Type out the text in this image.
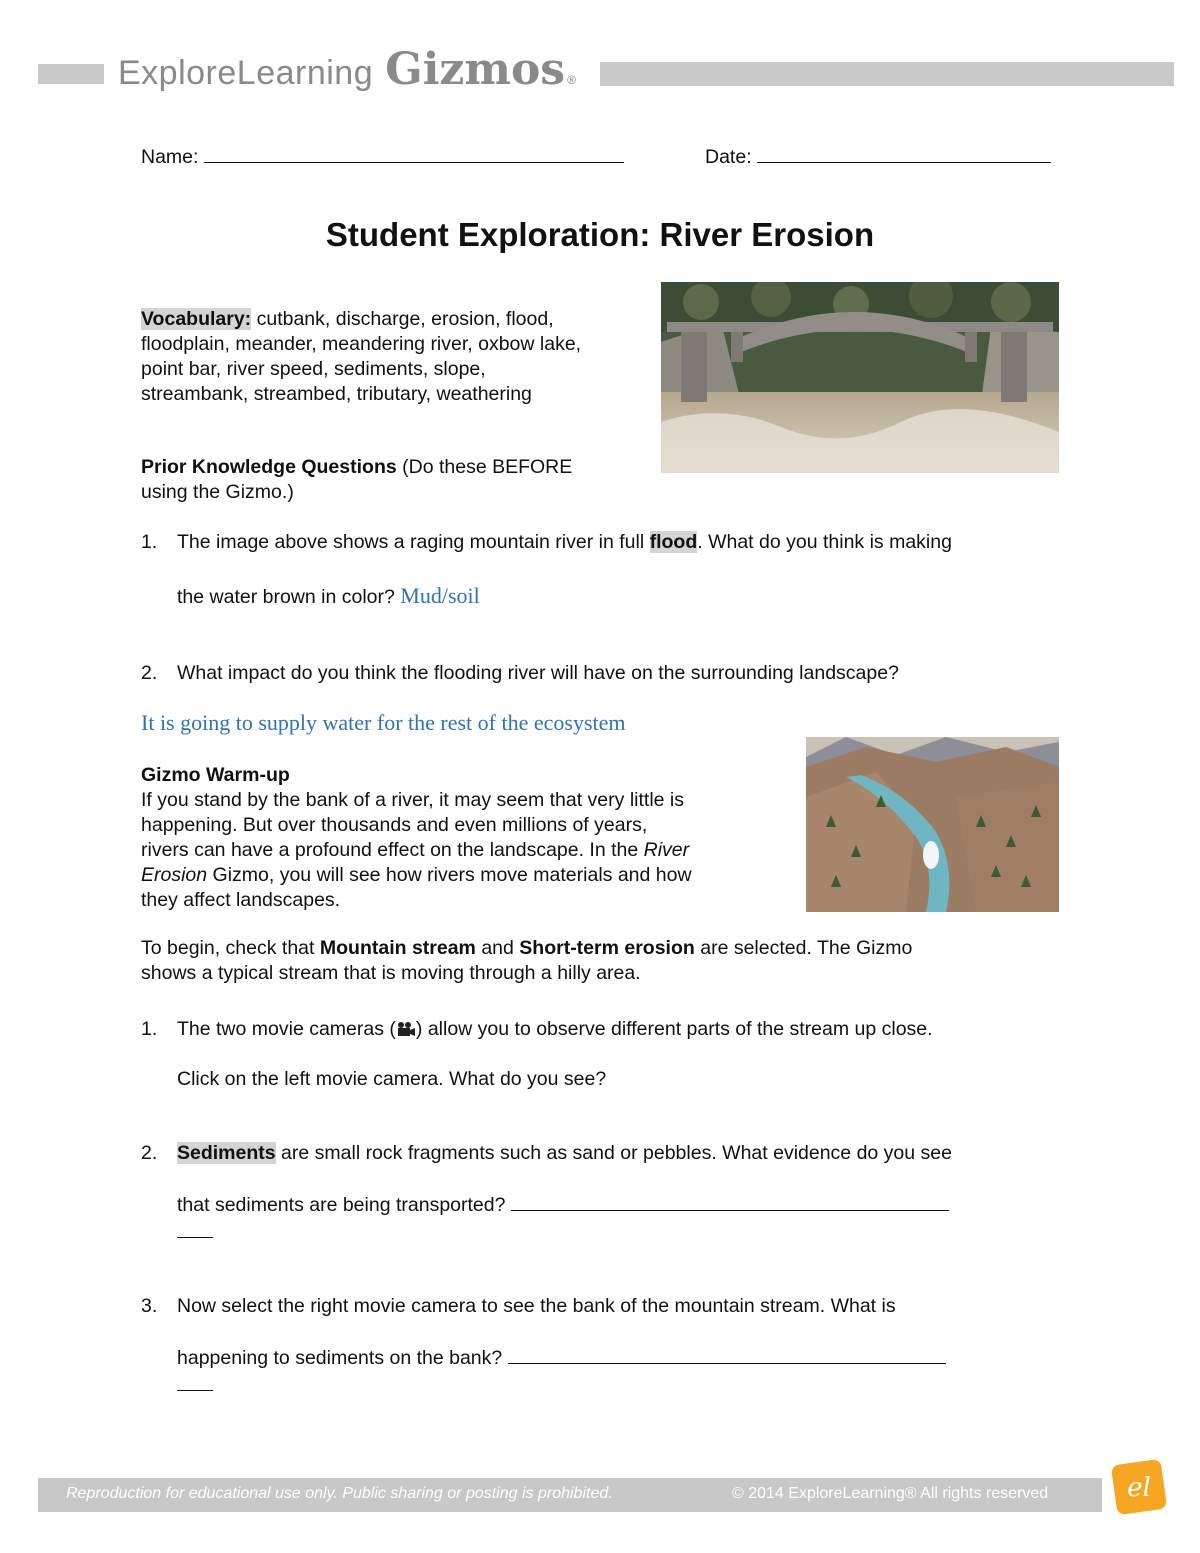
ExploreLearning Gizmos ®
Name:	Date:
Student Exploration: River Erosion
Vocabulary: cutbank, discharge, erosion, flood,
floodplain, meander, meandering river, oxbow lake,
point bar, river speed, sediments, slope,
streambank, streambed, tributary, weathering
Prior Knowledge Questions (Do these BEFORE
using the Gizmo.)
1. The image above shows a raging mountain river in full flood. What do you think is making
the water brown in color? Mud/soil
2. What impact do you think the flooding river will have on the surrounding landscape?
It is going to supply water for the rest of the ecosystem
Gizmo Warm-up
If you stand by the bank of a river, it may seem that very little is
happening. But over thousands and even millions of years,
rivers can have a profound effect on the landscape. In the River
Erosion Gizmo, you will see how rivers move materials and how
they affect landscapes.
To begin, check that Mountain stream and Short-term erosion are selected. The Gizmo
shows a typical stream that is moving through a hilly area.
1. The two movie cameras ( ) allow you to observe different parts of the stream up close.
Click on the left movie camera. What do you see?
2. Sediments are small rock fragments such as sand or pebbles. What evidence do you see
that sediments are being transported?
3. Now select the right movie camera to see the bank of the mountain stream. What is
happening to sediments on the bank?
Reproduction for educational use only. Public sharing or posting is prohibited.	© 2014 ExploreLearning® All rights reserved	el
